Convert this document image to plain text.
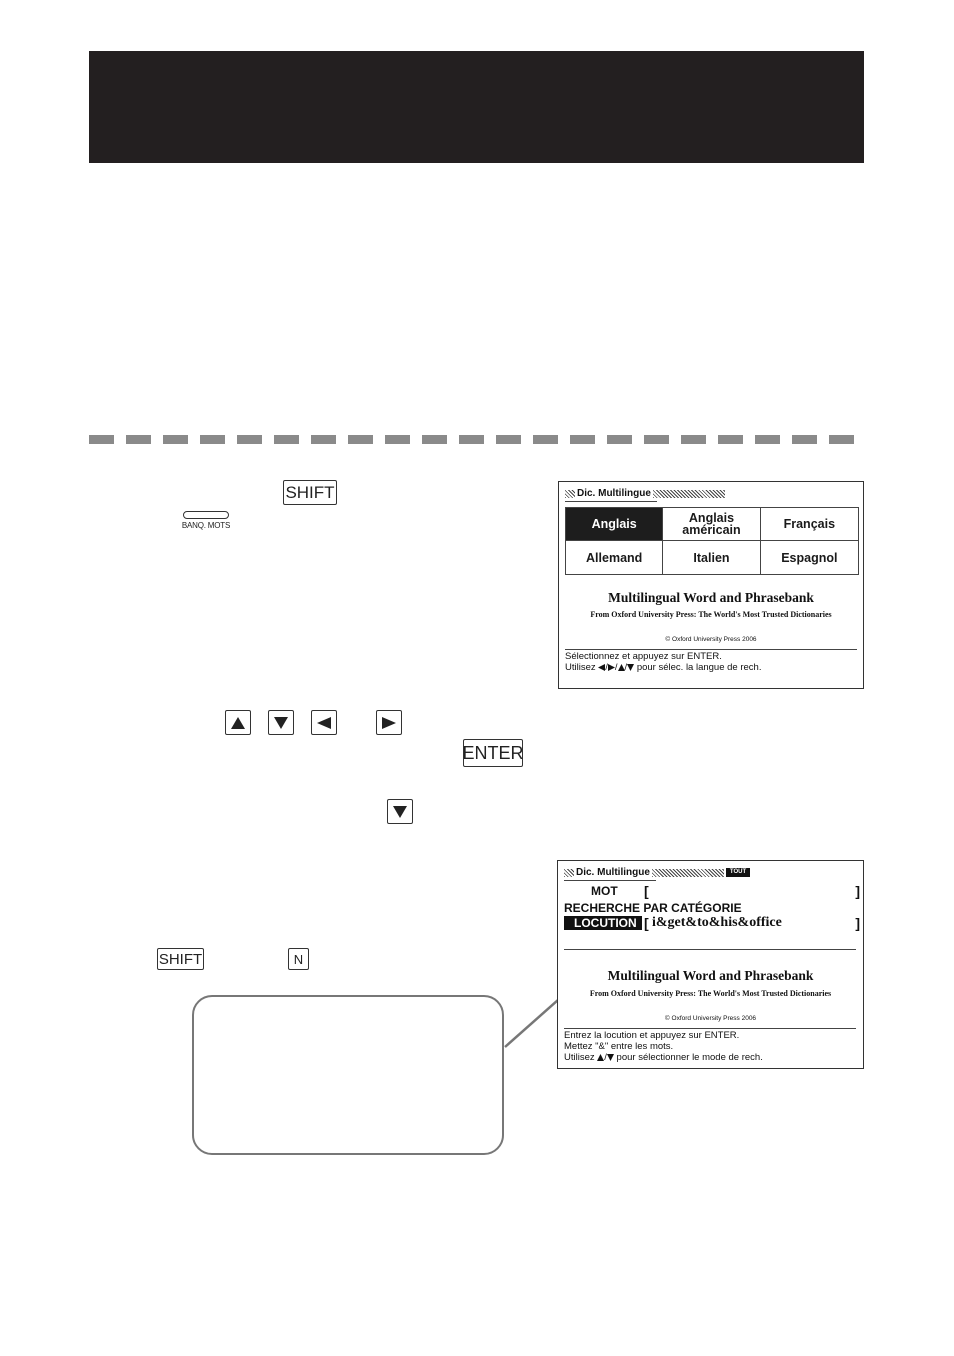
SHIFT
BANQ. MOTS
Dic. Multilingue
Anglais	Anglais américain	Français
Allemand	Italien	Espagnol
Multilingual Word and Phrasebank
From Oxford University Press: The World's Most Trusted Dictionaries
© Oxford University Press 2006
Sélectionnez et appuyez sur ENTER.
Utilisez / / / pour sélec. la langue de rech.
ENTER
SHIFT	N
Dic. Multilingue	TOUT
MOT [	]
RECHERCHE PAR CATÉGORIE
LOCUTION [ i&get&to&his&office	]
Multilingual Word and Phrasebank
From Oxford University Press: The World's Most Trusted Dictionaries
© Oxford University Press 2006
Entrez la locution et appuyez sur ENTER.
Mettez "&" entre les mots.
Utilisez / pour sélectionner le mode de rech.
